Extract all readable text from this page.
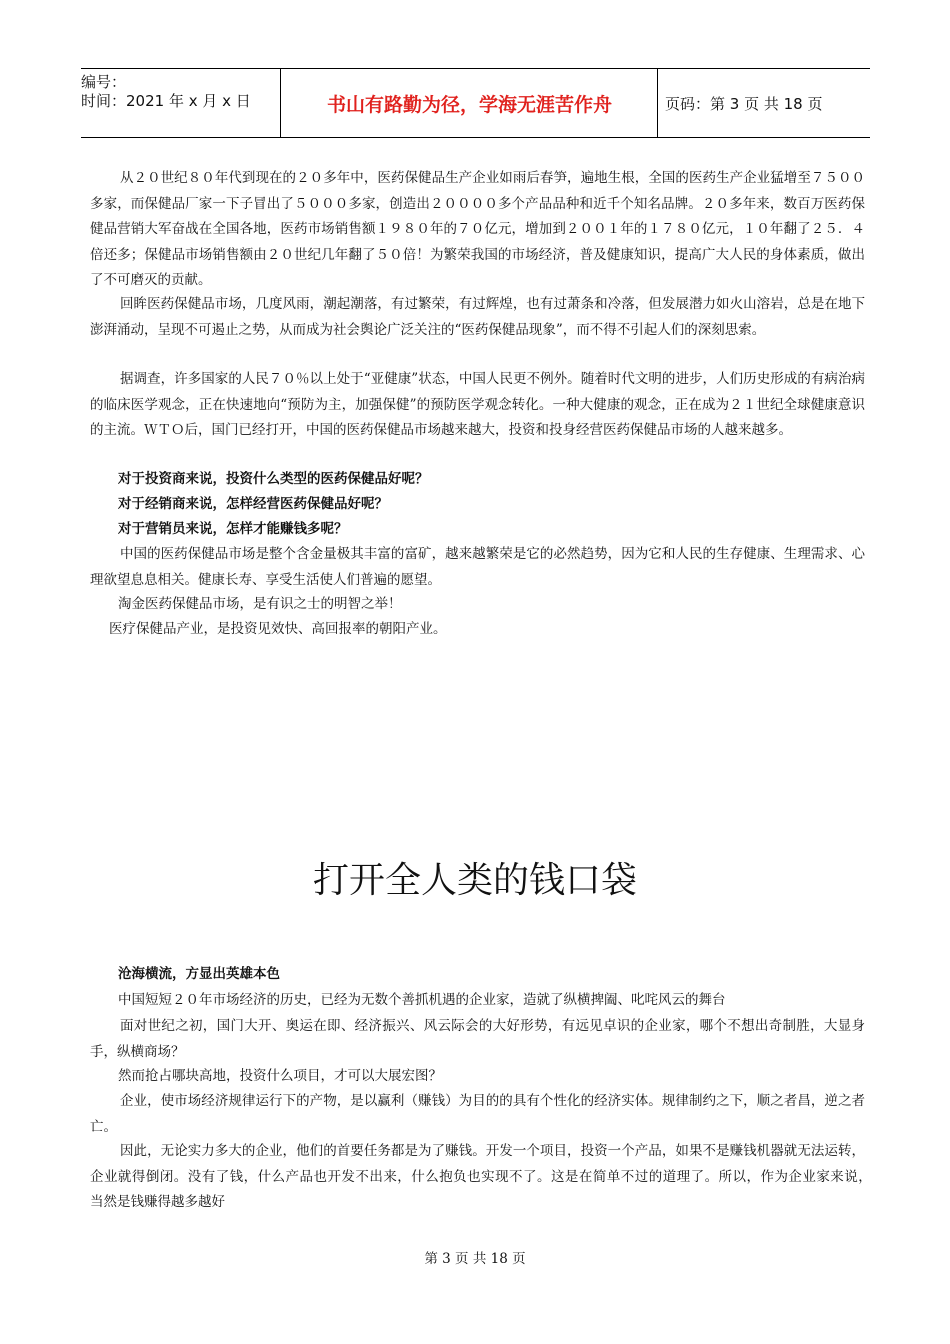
编号：
时间：2021 年 x 月 x 日	书山有路勤为径，学海无涯苦作舟	页码：第 3 页 共 18 页

从２０世纪８０年代到现在的２０多年中，医药保健品生产企业如雨后春笋，遍地生根，全国的医药生产企业猛增至７５００多家，而保健品厂家一下子冒出了５０００多家，创造出２００００多个产品品种和近千个知名品牌。２０多年来，数百万医药保健品营销大军奋战在全国各地，医药市场销售额１９８０年的７０亿元，增加到２００１年的１７８０亿元，１０年翻了２５．４倍还多；保健品市场销售额由２０世纪几年翻了５０倍！为繁荣我国的市场经济，普及健康知识，提高广大人民的身体素质，做出了不可磨灭的贡献。

回眸医药保健品市场，几度风雨，潮起潮落，有过繁荣，有过辉煌，也有过萧条和冷落，但发展潜力如火山溶岩，总是在地下澎湃涌动，呈现不可遏止之势，从而成为社会舆论广泛关注的“医药保健品现象”，而不得不引起人们的深刻思索。

据调查，许多国家的人民７０％以上处于“亚健康”状态，中国人民更不例外。随着时代文明的进步，人们历史形成的有病治病的临床医学观念，正在快速地向“预防为主，加强保健”的预防医学观念转化。一种大健康的观念，正在成为２１世纪全球健康意识的主流。ＷＴＯ后，国门已经打开，中国的医药保健品市场越来越大，投资和投身经营医药保健品市场的人越来越多。

对于投资商来说，投资什么类型的医药保健品好呢？

对于经销商来说，怎样经营医药保健品好呢？

对于营销员来说，怎样才能赚钱多呢？

中国的医药保健品市场是整个含金量极其丰富的富矿，越来越繁荣是它的必然趋势，因为它和人民的生存健康、生理需求、心理欲望息息相关。健康长寿、享受生活使人们普遍的愿望。

淘金医药保健品市场，是有识之士的明智之举！

医疗保健品产业，是投资见效快、高回报率的朝阳产业。

打开全人类的钱口袋

沧海横流，方显出英雄本色

中国短短２０年市场经济的历史，已经为无数个善抓机遇的企业家，造就了纵横捭阖、叱咤风云的舞台

面对世纪之初，国门大开、奥运在即、经济振兴、风云际会的大好形势，有远见卓识的企业家，哪个不想出奇制胜，大显身手，纵横商场？

然而抢占哪块高地，投资什么项目，才可以大展宏图？

企业，使市场经济规律运行下的产物，是以赢利（赚钱）为目的的具有个性化的经济实体。规律制约之下，顺之者昌，逆之者亡。

因此，无论实力多大的企业，他们的首要任务都是为了赚钱。开发一个项目，投资一个产品，如果不是赚钱机器就无法运转，企业就得倒闭。没有了钱，什么产品也开发不出来，什么抱负也实现不了。这是在简单不过的道理了。所以，作为企业家来说，　当然是钱赚得越多越好

第 3 页 共 18 页
